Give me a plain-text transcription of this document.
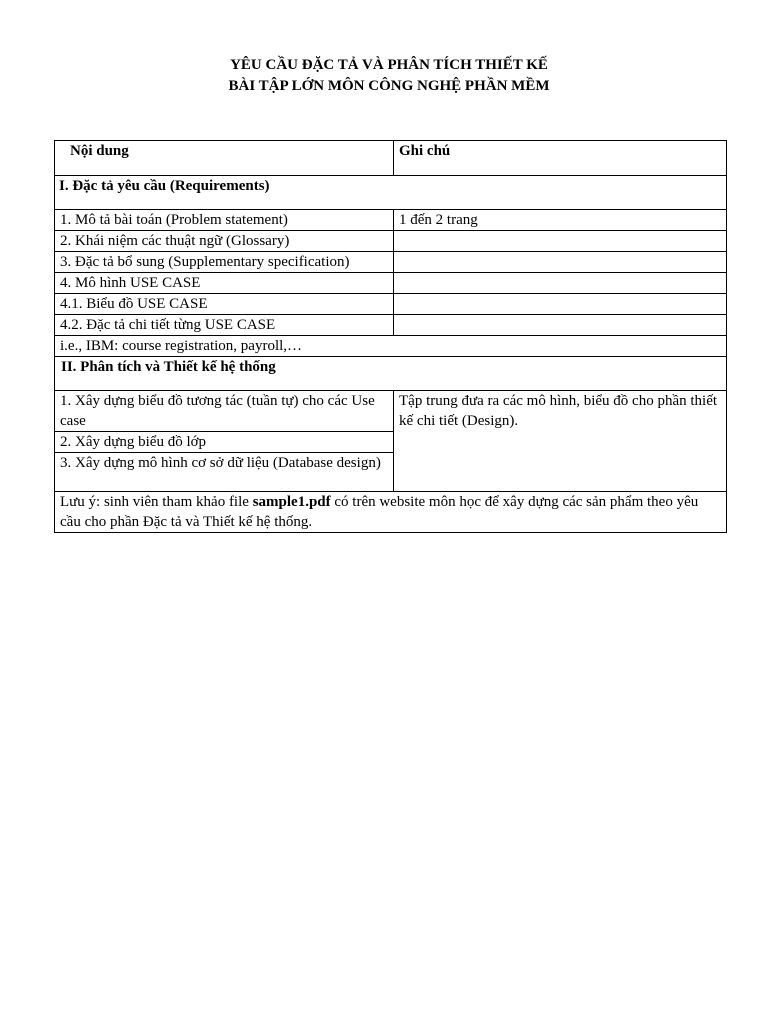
YÊU CẦU ĐẶC TẢ VÀ PHÂN TÍCH THIẾT KẾ
BÀI TẬP LỚN MÔN CÔNG NGHỆ PHẦN MỀM
Nội dung	Ghi chú
I. Đặc tả yêu cầu (Requirements)	
1. Mô tả bài toán (Problem statement)	1 đến 2 trang
2. Khái niệm các thuật ngữ (Glossary)	
3. Đặc tả bổ sung (Supplementary specification)	
4. Mô hình USE CASE	
4.1. Biểu đồ USE CASE	
4.2. Đặc tả chi tiết từng USE CASE	
i.e., IBM: course registration, payroll,…	
II. Phân tích và Thiết kế hệ thống	
1. Xây dựng biểu đồ tương tác (tuần tự) cho các Use case	Tập trung đưa ra các mô hình, biểu đồ cho phần thiết kế chi tiết (Design).
2. Xây dựng biểu đồ lớp	
3. Xây dựng mô hình cơ sở dữ liệu (Database design)	
Lưu ý: sinh viên tham khảo file sample1.pdf có trên website môn học để xây dựng các sản phẩm theo yêu cầu cho phần Đặc tả và Thiết kế hệ thống.	
